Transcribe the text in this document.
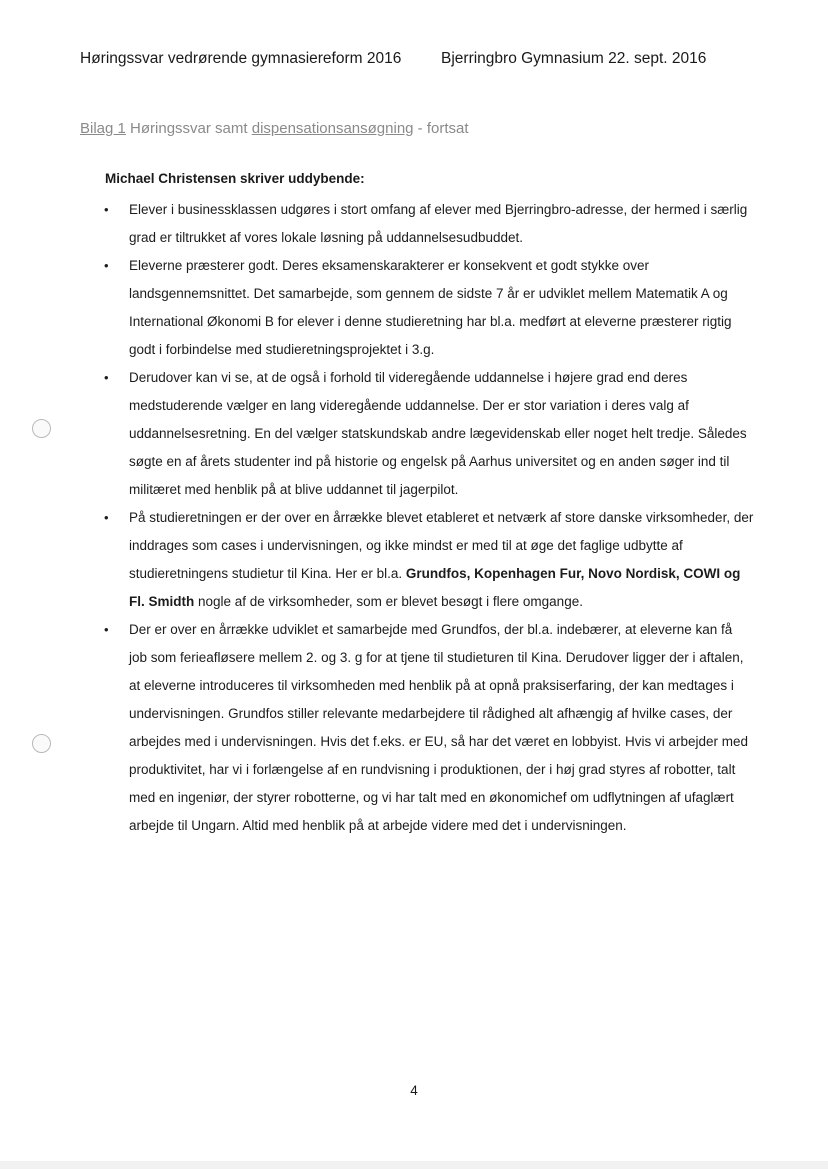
Høringssvar vedrørende gymnasiereform 2016	Bjerringbro Gymnasium 22. sept. 2016
Bilag 1 Høringssvar samt dispensationsansøgning - fortsat
Michael Christensen skriver uddybende:
•	Elever i businessklassen udgøres i stort omfang af elever med Bjerringbro-adresse, der hermed i særlig grad er tiltrukket af vores lokale løsning på uddannelsesudbuddet.
•	Eleverne præsterer godt. Deres eksamenskarakterer er konsekvent et godt stykke over landsgennemsnittet. Det samarbejde, som gennem de sidste 7 år er udviklet mellem Matematik A og International Økonomi B for elever i denne studieretning har bl.a. medført at eleverne præsterer rigtig godt i forbindelse med studieretningsprojektet i 3.g.
•	Derudover kan vi se, at de også i forhold til videregående uddannelse i højere grad end deres medstuderende vælger en lang videregående uddannelse. Der er stor variation i deres valg af uddannelsesretning. En del vælger statskundskab andre lægevidenskab eller noget helt tredje. Således søgte en af årets studenter ind på historie og engelsk på Aarhus universitet og en anden søger ind til militæret med henblik på at blive uddannet til jagerpilot.
•	På studieretningen er der over en årrække blevet etableret et netværk af store danske virksomheder, der inddrages som cases i undervisningen, og ikke mindst er med til at øge det faglige udbytte af studieretningens studietur til Kina. Her er bl.a. Grundfos, Kopenhagen Fur, Novo Nordisk, COWI og Fl. Smidth nogle af de virksomheder, som er blevet besøgt i flere omgange.
•	Der er over en årrække udviklet et samarbejde med Grundfos, der bl.a. indebærer, at eleverne kan få job som ferieafløsere mellem 2. og 3. g for at tjene til studieturen til Kina. Derudover ligger der i aftalen, at eleverne introduceres til virksomheden med henblik på at opnå praksiserfaring, der kan medtages i undervisningen. Grundfos stiller relevante medarbejdere til rådighed alt afhængig af hvilke cases, der arbejdes med i undervisningen. Hvis det f.eks. er EU, så har det været en lobbyist. Hvis vi arbejder med produktivitet, har vi i forlængelse af en rundvisning i produktionen, der i høj grad styres af robotter, talt med en ingeniør, der styrer robotterne, og vi har talt med en økonomichef om udflytningen af ufaglært arbejde til Ungarn. Altid med henblik på at arbejde videre med det i undervisningen.
4
